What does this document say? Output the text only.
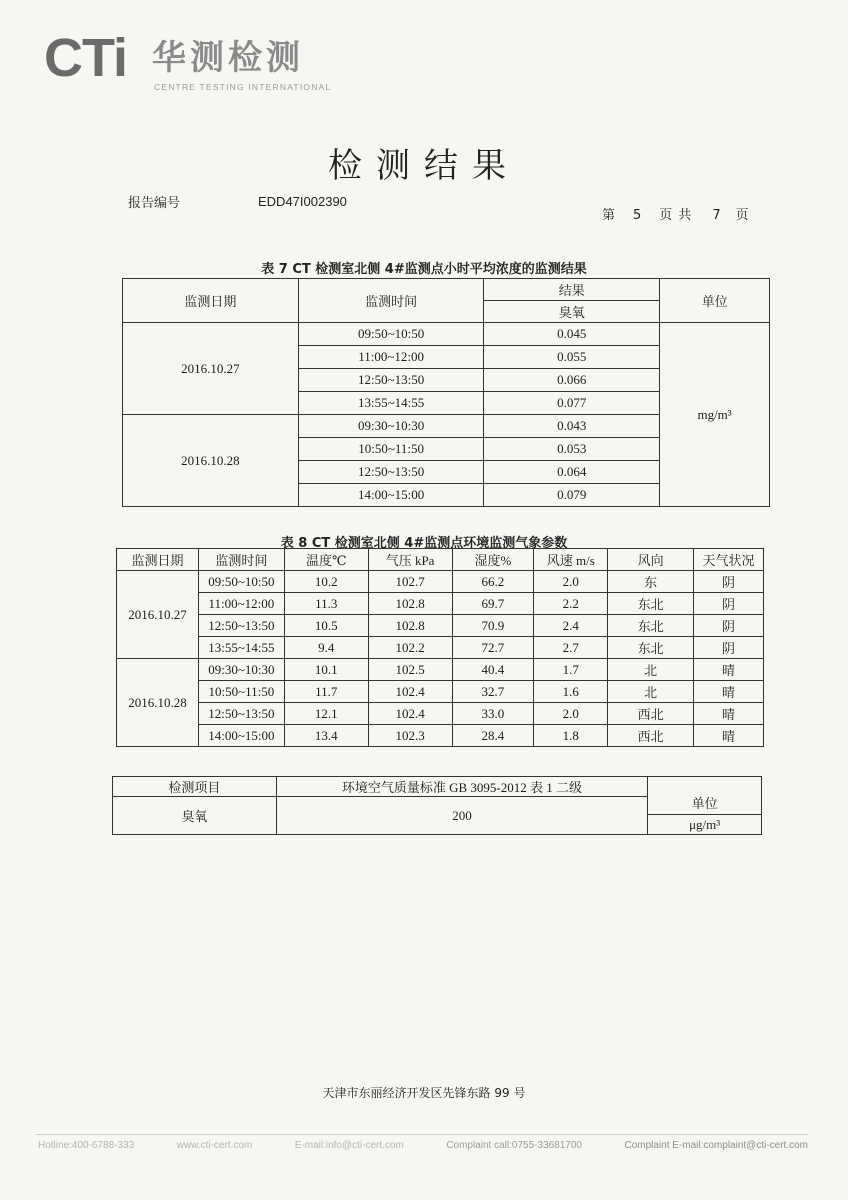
CTi 华测检测
CENTRE TESTING INTERNATIONAL
检测结果
报告编号	EDD47I002390
第 5 页共 7 页
表 7 CT 检测室北侧 4#监测点小时平均浓度的监测结果
监测日期	监测时间	结果	单位
		臭氧	
2016.10.27	09:50~10:50	0.045	mg/m³
	11:00~12:00	0.055	
	12:50~13:50	0.066	
	13:55~14:55	0.077	
2016.10.28	09:30~10:30	0.043	
	10:50~11:50	0.053	
	12:50~13:50	0.064	
	14:00~15:00	0.079	
表 8 CT 检测室北侧 4#监测点环境监测气象参数
监测日期	监测时间	温度℃	气压 kPa	湿度%	风速 m/s	风向	天气状况
2016.10.27	09:50~10:50	10.2	102.7	66.2	2.0	东	阴
	11:00~12:00	11.3	102.8	69.7	2.2	东北	阴
	12:50~13:50	10.5	102.8	70.9	2.4	东北	阴
	13:55~14:55	9.4	102.2	72.7	2.7	东北	阴
2016.10.28	09:30~10:30	10.1	102.5	40.4	1.7	北	晴
	10:50~11:50	11.7	102.4	32.7	1.6	北	晴
	12:50~13:50	12.1	102.4	33.0	2.0	西北	晴
	14:00~15:00	13.4	102.3	28.4	1.8	西北	晴
检测项目	环境空气质量标准 GB 3095-2012 表 1 二级	单位
臭氧	200	
		μg/m³
天津市东丽经济开发区先锋东路 99 号
Hotline:400-6788-333	www.cti-cert.com	E-mail:info@cti-cert.com	Complaint call:0755-33681700	Complaint E-mail:complaint@cti-cert.com
